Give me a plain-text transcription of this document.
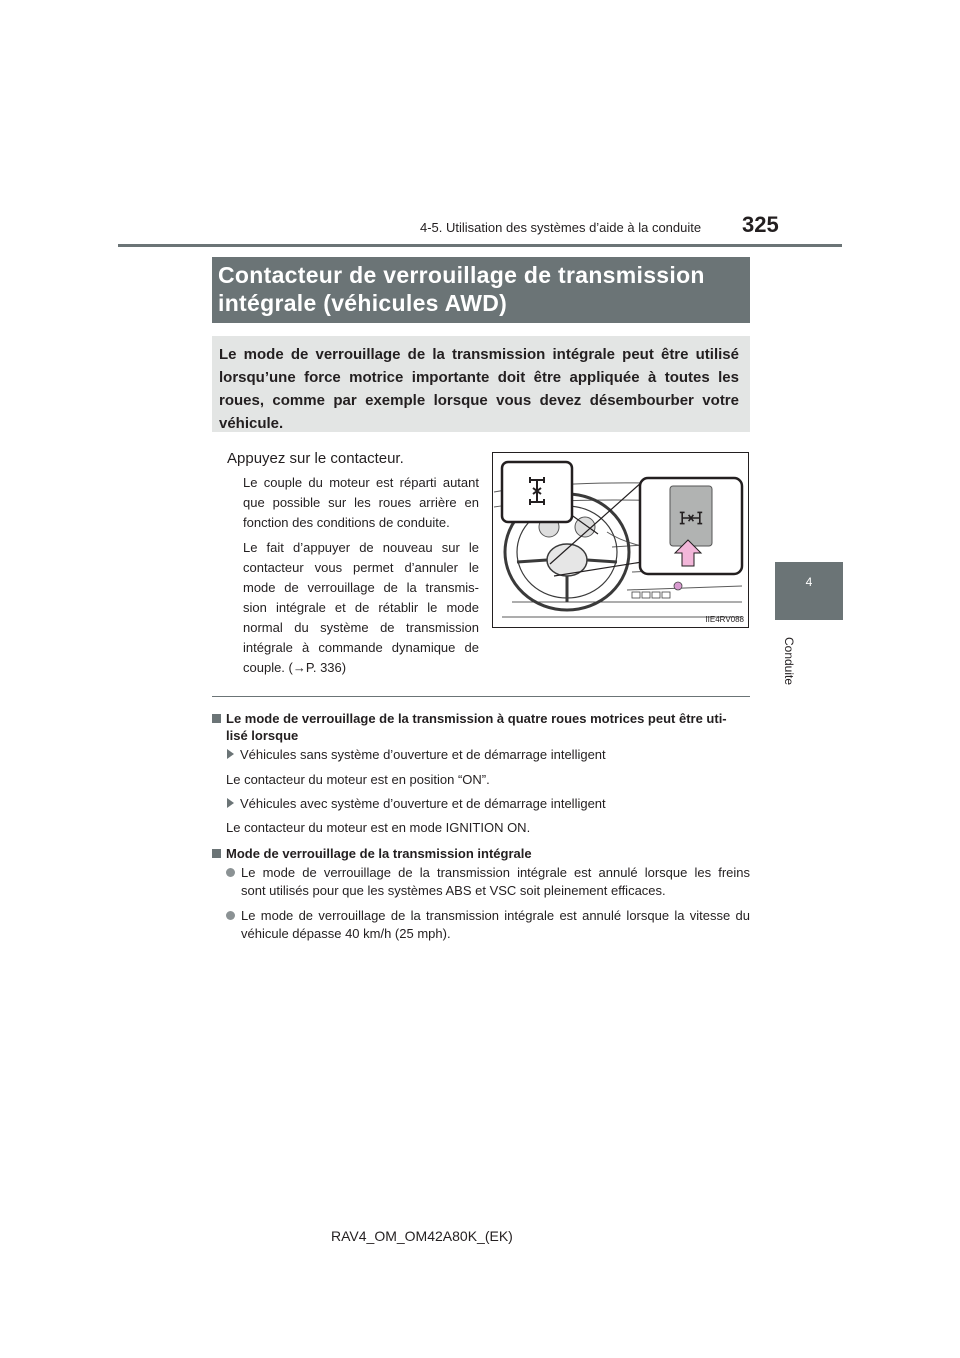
4-5. Utilisation des systèmes d’aide à la conduite 325
4
Conduite
Contacteur de verrouillage de transmission
intégrale (véhicules AWD)
Le mode de verrouillage de la transmission intégrale peut être utilisé
lorsqu’une force motrice importante doit être appliquée à toutes les
roues, comme par exemple lorsque vous devez désembourber votre
véhicule.
Appuyez sur le contacteur.
Le couple du moteur est réparti autant
que possible sur les roues arrière en
fonction des conditions de conduite.
Le fait d’appuyer de nouveau sur le
contacteur vous permet d’annuler le
mode de verrouillage de la transmis-
sion intégrale et de rétablir le mode
normal du système de transmission
intégrale à commande dynamique de
couple. (→P. 336)
IIE4RV088
Le mode de verrouillage de la transmission à quatre roues motrices peut être uti-
lisé lorsque
Véhicules sans système d’ouverture et de démarrage intelligent
Le contacteur du moteur est en position “ON”.
Véhicules avec système d’ouverture et de démarrage intelligent
Le contacteur du moteur est en mode IGNITION ON.
Mode de verrouillage de la transmission intégrale
Le mode de verrouillage de la transmission intégrale est annulé lorsque les freins
sont utilisés pour que les systèmes ABS et VSC soit pleinement efficaces.
Le mode de verrouillage de la transmission intégrale est annulé lorsque la vitesse du
véhicule dépasse 40 km/h (25 mph).
RAV4_OM_OM42A80K_(EK)
